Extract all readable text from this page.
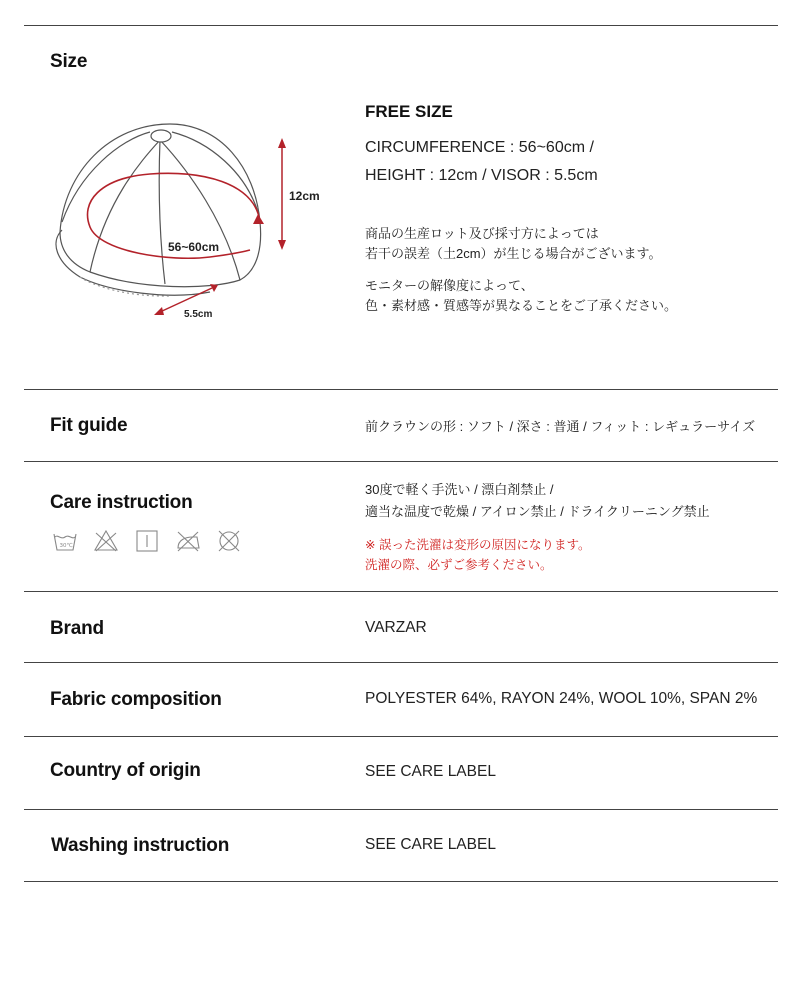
Size
12cm
56~60cm
5.5cm
FREE SIZE
CIRCUMFERENCE : 56~60cm /
HEIGHT : 12cm / VISOR : 5.5cm
商品の生産ロット及び採寸方によっては
若干の誤差（土2cm）が生じる場合がございます。
モニターの解像度によって、
色・素材感・質感等が異なることをご了承ください。
Fit guide	前クラウンの形 : ソフト / 深さ : 普通 / フィット : レギュラーサイズ
Care instruction
30℃
30度で軽く手洗い / 漂白剤禁止 /
適当な温度で乾燥 / アイロン禁止 / ドライクリーニング禁止
※ 誤った洗濯は変形の原因になります。
洗濯の際、必ずご参考ください。
Brand	VARZAR
Fabric composition	POLYESTER 64%, RAYON 24%, WOOL 10%, SPAN 2%
Country of origin	SEE CARE LABEL
Washing instruction	SEE CARE LABEL
